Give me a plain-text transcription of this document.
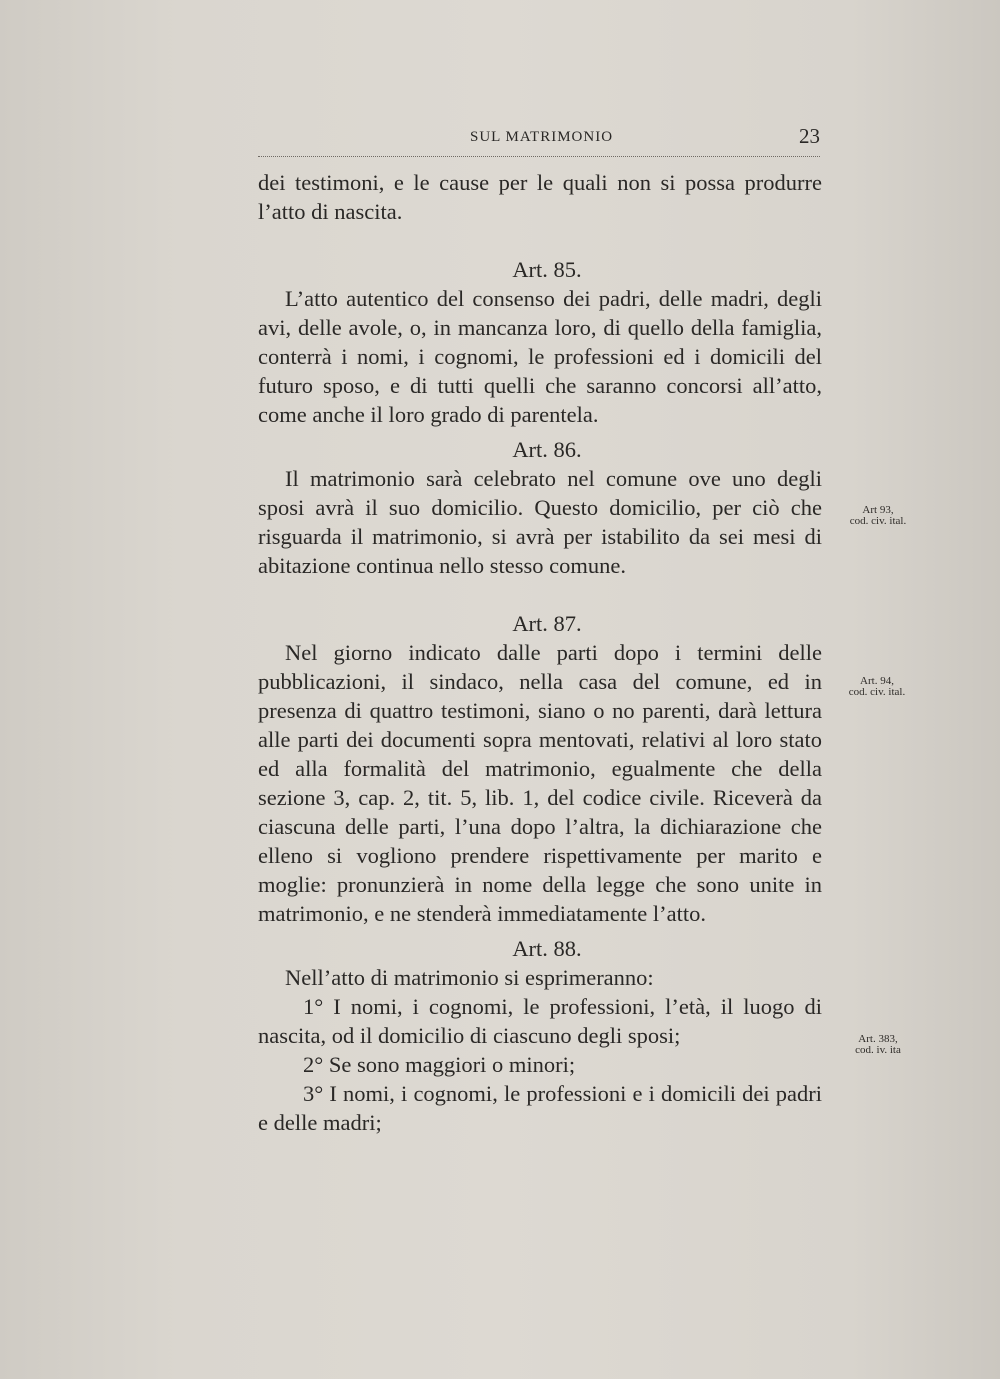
SUL MATRIMONIO	23

dei testimoni, e le cause per le quali non si possa produrre l’atto di nascita.

Art. 85.

L’atto autentico del consenso dei padri, delle madri, degli avi, delle avole, o, in mancanza loro, di quello della famiglia, conterrà i nomi, i cognomi, le professioni ed i domicili del futuro sposo, e di tutti quelli che saranno concorsi all’atto, come anche il loro grado di parentela.

Art. 86.

Il matrimonio sarà celebrato nel comune ove uno degli sposi avrà il suo domicilio. Questo domicilio, per ciò che risguarda il matrimonio, si avrà per istabilito da sei mesi di abitazione continua nello stesso comune.

Art. 87.

Nel giorno indicato dalle parti dopo i termini delle pubblicazioni, il sindaco, nella casa del comune, ed in presenza di quattro testimoni, siano o no parenti, darà lettura alle parti dei documenti sopra mentovati, relativi al loro stato ed alla formalità del matrimonio, egualmente che della sezione 3, cap. 2, tit. 5, lib. 1, del codice civile. Riceverà da ciascuna delle parti, l’una dopo l’altra, la dichiarazione che elleno si vogliono prendere rispettivamente per marito e moglie: pronunzierà in nome della legge che sono unite in matrimonio, e ne stenderà immediatamente l’atto.

Art. 88.

Nell’atto di matrimonio si esprimeranno:

1° I nomi, i cognomi, le professioni, l’età, il luogo di nascita, od il domicilio di ciascuno degli sposi;

2° Se sono maggiori o minori;

3° I nomi, i cognomi, le professioni e i domicili dei padri e delle madri;

Art 93,
cod. civ. ital.
Art. 94,
cod. civ. ital.
Art. 383,
cod. iv. ita
